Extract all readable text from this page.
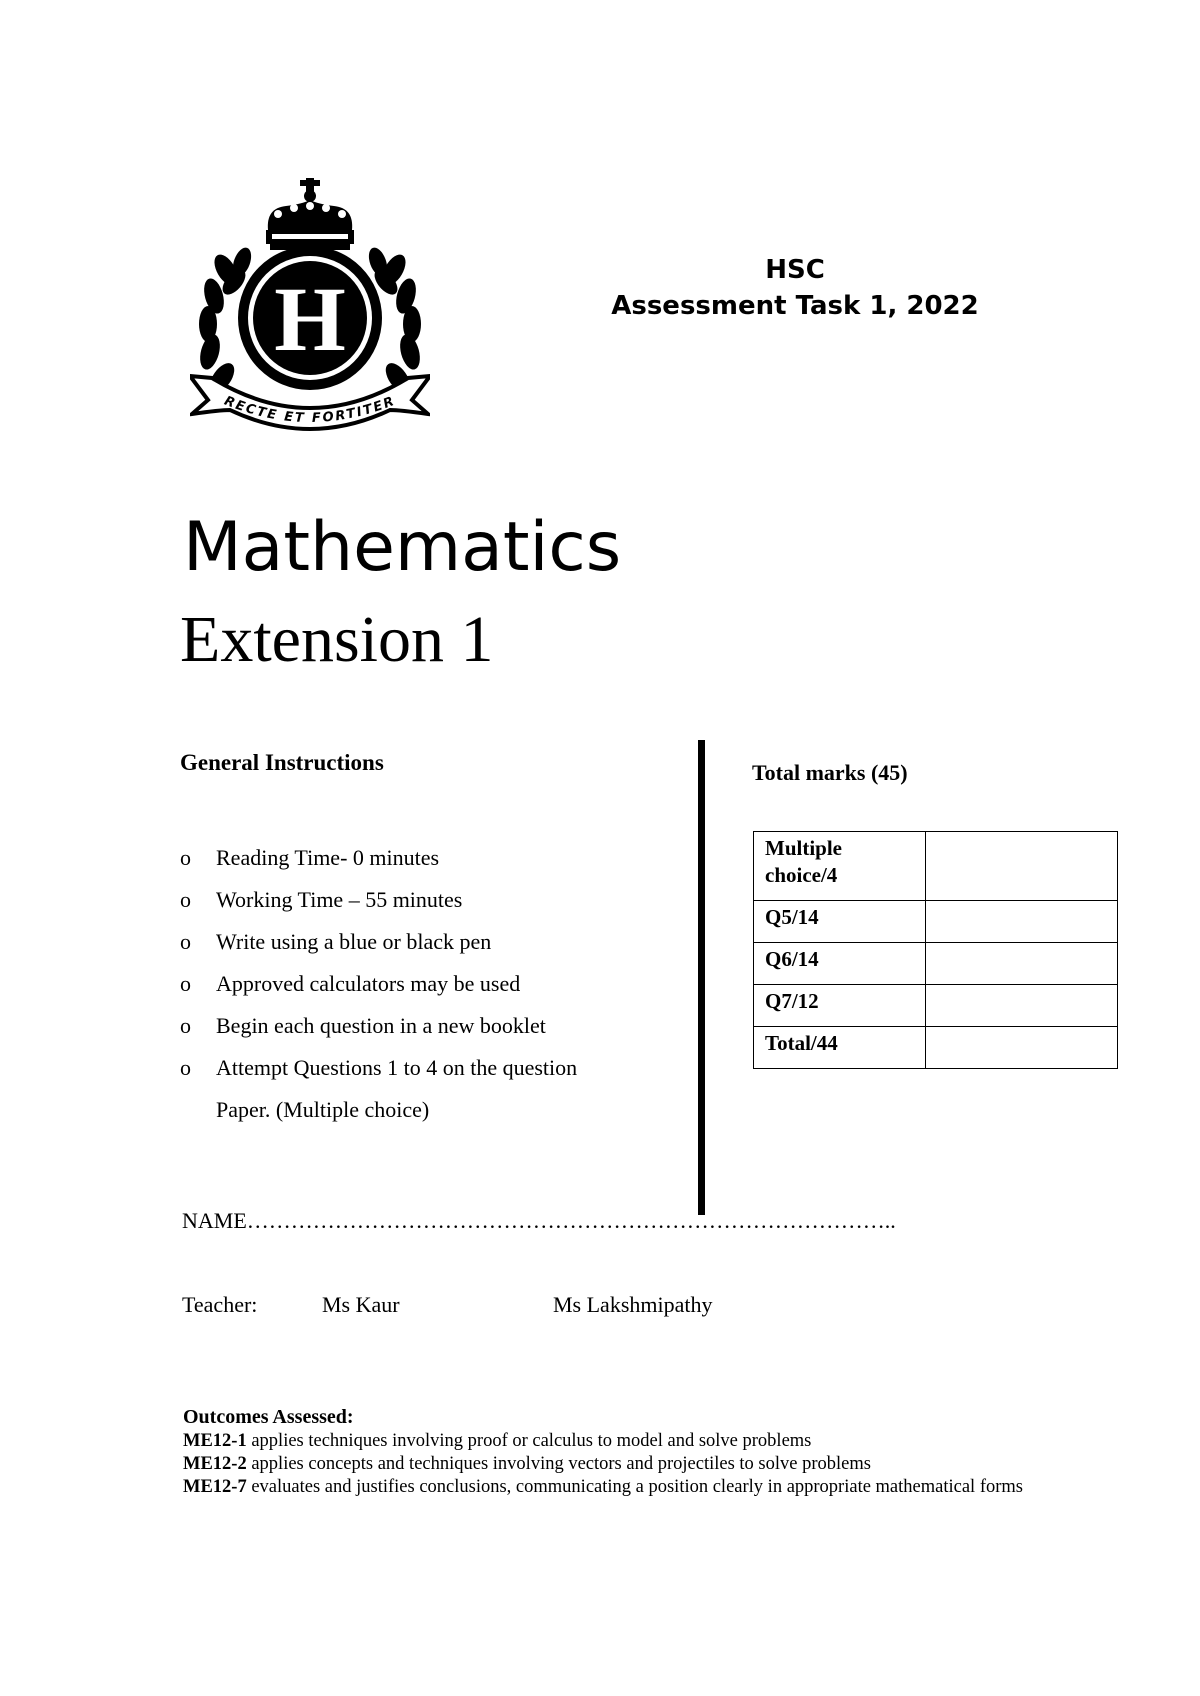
H
RECTE ET FORTITER
HSC
Assessment Task 1, 2022
Mathematics
Extension 1
General Instructions
o Reading Time- 0 minutes
o Working Time – 55 minutes
o Write using a blue or black pen
o Approved calculators may be used
o Begin each question in a new booklet
o Attempt Questions 1 to 4 on the question
Paper. (Multiple choice)
Total marks (45)
Multiple
choice/4	
Q5/14	
Q6/14	
Q7/12	
Total/44	
NAME……………………………………………………………………………..
Teacher:	Ms Kaur	Ms Lakshmipathy
Outcomes Assessed:
ME12-1 applies techniques involving proof or calculus to model and solve problems
ME12-2 applies concepts and techniques involving vectors and projectiles to solve problems
ME12-7 evaluates and justifies conclusions, communicating a position clearly in appropriate mathematical forms
